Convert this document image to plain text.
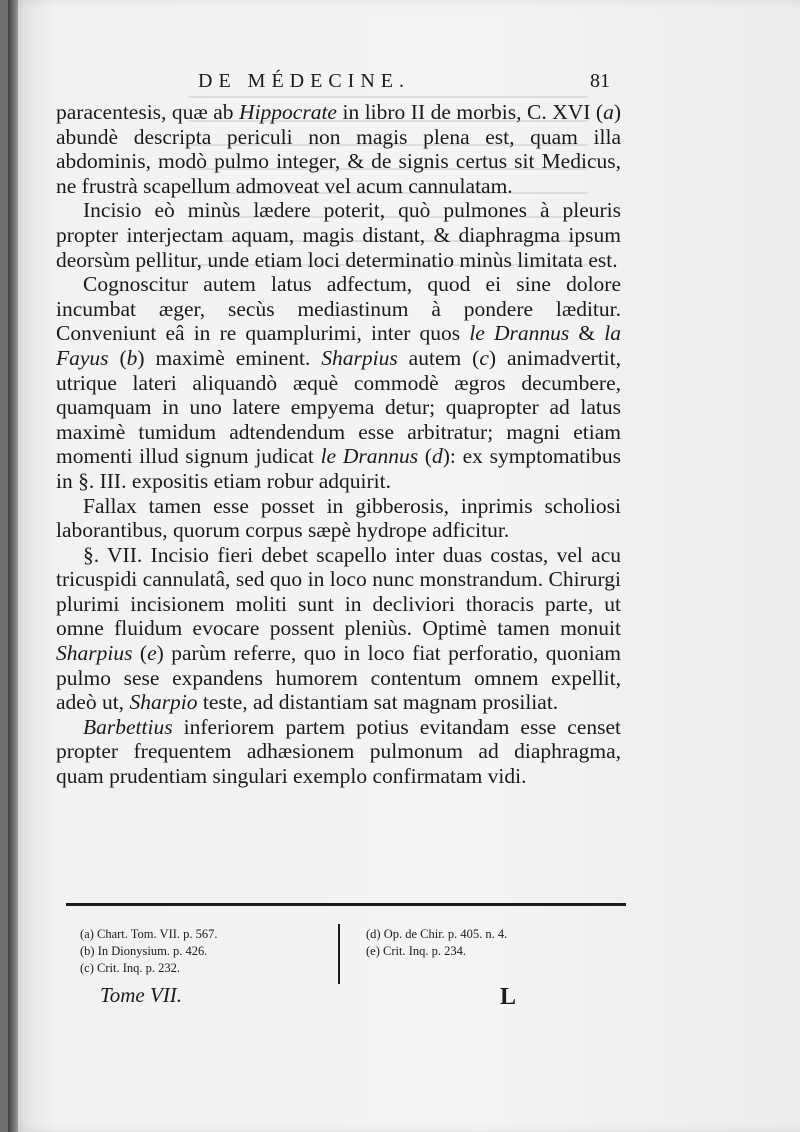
DE MÉDECINE.	81

paracentesis, quæ ab Hippocrate in libro II de morbis, C. XVI (a) abundè descripta periculi non magis plena est, quam illa abdominis, modò pulmo integer, & de signis certus sit Medicus, ne frustrà scapellum admoveat vel acum cannulatam.

Incisio eò minùs lædere poterit, quò pulmones à pleuris propter interjectam aquam, magis distant, & diaphragma ipsum deorsùm pellitur, unde etiam loci determinatio minùs limitata est.

Cognoscitur autem latus adfectum, quod ei sine dolore incumbat æger, secùs mediastinum à pondere læditur. Conveniunt eâ in re quamplurimi, inter quos le Drannus & la Fayus (b) maximè eminent. Sharpius autem (c) animadvertit, utrique lateri aliquandò æquè commodè ægros decumbere, quamquam in uno latere empyema detur; quapropter ad latus maximè tumidum adtendendum esse arbitratur; magni etiam momenti illud signum judicat le Drannus (d): ex symptomatibus in §. III. expositis etiam robur adquirit.

Fallax tamen esse posset in gibberosis, inprimis scholiosi laborantibus, quorum corpus sæpè hydrope adficitur.

§. VII. Incisio fieri debet scapello inter duas costas, vel acu tricuspidi cannulatâ, sed quo in loco nunc monstrandum. Chirurgi plurimi incisionem moliti sunt in decliviori thoracis parte, ut omne fluidum evocare possent pleniùs. Optimè tamen monuit Sharpius (e) parùm referre, quo in loco fiat perforatio, quoniam pulmo sese expandens humorem contentum omnem expellit, adeò ut, Sharpio teste, ad distantiam sat magnam prosiliat.

Barbettius inferiorem partem potius evitandam esse censet propter frequentem adhæsionem pulmonum ad diaphragma, quam prudentiam singulari exemplo confirmatam vidi.

(a) Chart. Tom. VII. p. 567.
(b) In Dionysium. p. 426.
(c) Crit. Inq. p. 232.
(d) Op. de Chir. p. 405. n. 4.
(e) Crit. Inq. p. 234.
Tome VII.	L
